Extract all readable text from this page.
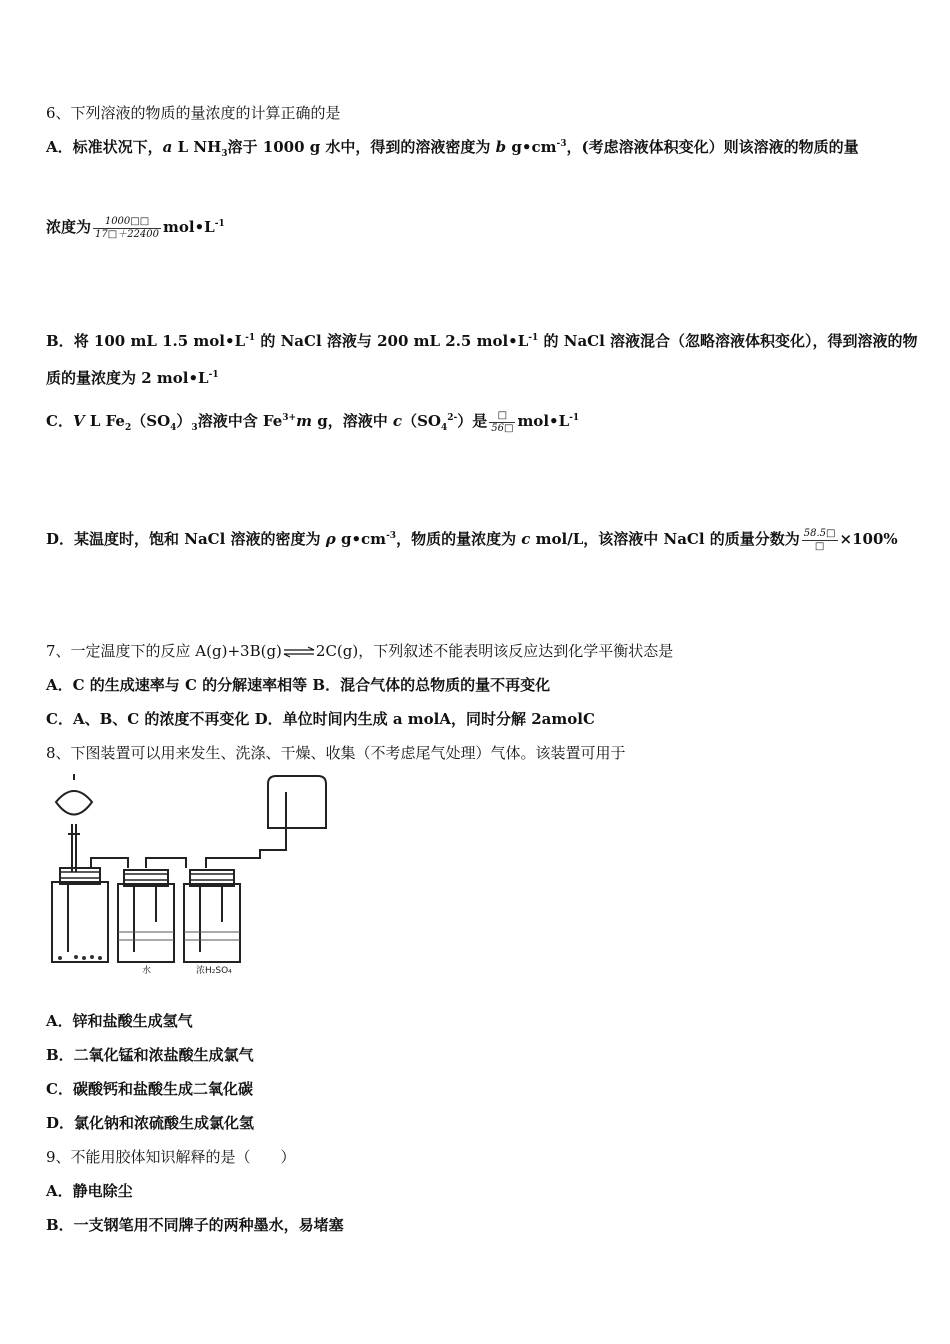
6、下列溶液的物质的量浓度的计算正确的是
A．标准状况下，a L $NH_3$溶于 1000 g 水中，得到的溶液密度为 b $g•cm^{-3}$，(考虑溶液体积变化）则该溶液的物质的量
浓度为 $\frac{1000□□}{17□+22400}$ $mol•L^{-1}$
B．将 100 mL 1.5 $mol•L^{-1}$ 的 NaCl 溶液与 200 mL 2.5 $mol•L^{-1}$ 的 NaCl 溶液混合（忽略溶液体积变化），得到溶液的物
质的量浓度为 2 $mol•L^{-1}$
C．V L $Fe_2(SO_4)_3$溶液中含 $Fe^{3+}m$ g，溶液中 $c(SO_4^{2-})$是 $\frac{□}{56□}$ $mol•L^{-1}$
D．某温度时，饱和 NaCl 溶液的密度为 ρ $g•cm^{-3}$，物质的量浓度为 c mol/L，该溶液中 NaCl 的质量分数为 $\frac{58.5□}{□} \times 100\%$
7、一定温度下的反应 A(g)+3B(g)⇌2C(g)，下列叙述不能表明该反应达到化学平衡状态是
A．C 的生成速率与 C 的分解速率相等 B．混合气体的总物质的量不再变化
C．A、B、C 的浓度不再变化 D．单位时间内生成 a molA，同时分解 2amolC
8、下图装置可以用来发生、洗涤、干燥、收集（不考虑尾气处理）气体。该装置可用于
水	浓H₂SO₄
A．锌和盐酸生成氢气
B．二氧化锰和浓盐酸生成氯气
C．碳酸钙和盐酸生成二氧化碳
D．氯化钠和浓硫酸生成氯化氢
9、不能用胶体知识解释的是（　　）
A．静电除尘
B．一支钢笔用不同牌子的两种墨水，易堵塞
